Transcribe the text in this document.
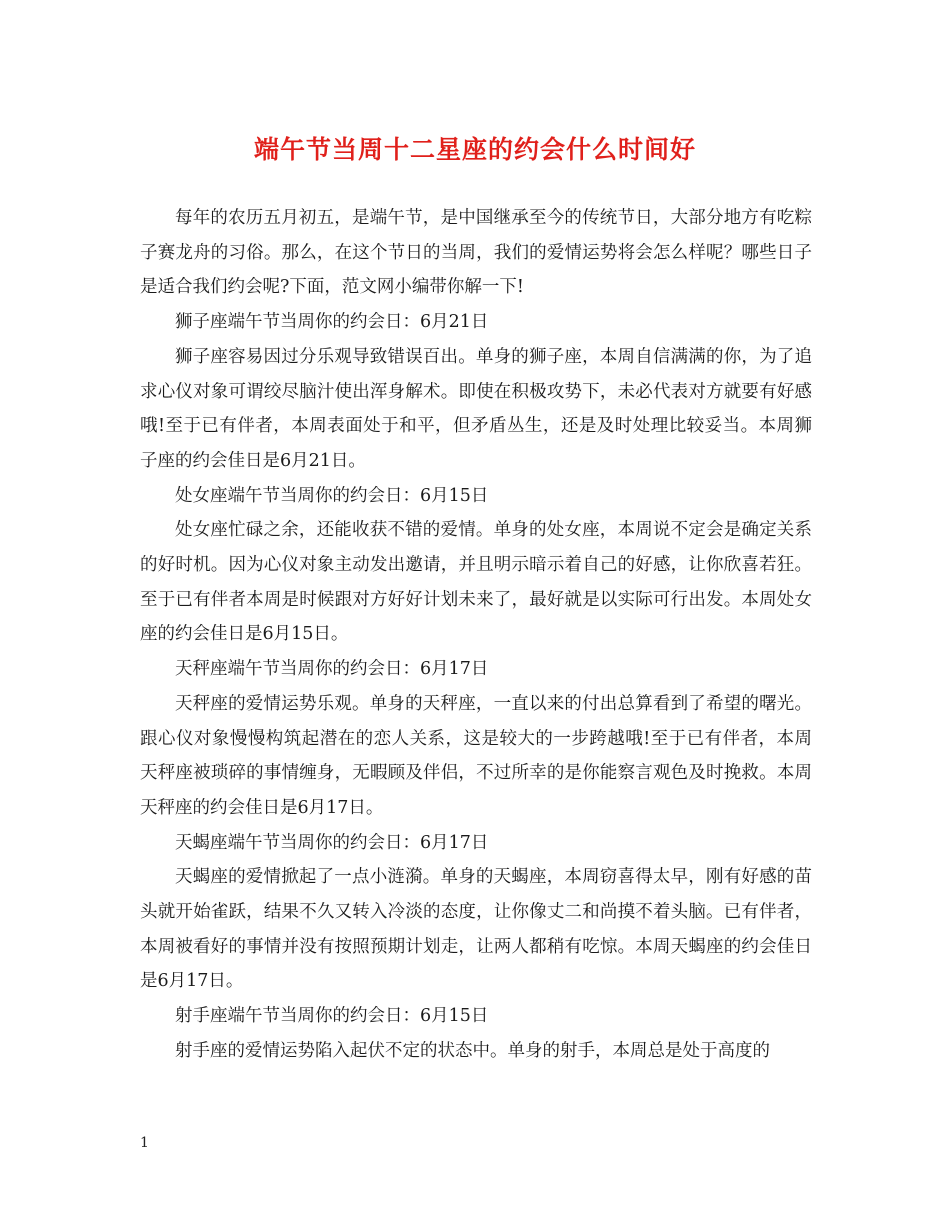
端午节当周十二星座的约会什么时间好

每年的农历五月初五，是端午节，是中国继承至今的传统节日，大部分地方有吃粽子赛龙舟的习俗。那么，在这个节日的当周，我们的爱情运势将会怎么样呢？哪些日子是适合我们约会呢?下面，范文网小编带你解一下!

狮子座端午节当周你的约会日：6月21日

狮子座容易因过分乐观导致错误百出。单身的狮子座，本周自信满满的你，为了追求心仪对象可谓绞尽脑汁使出浑身解术。即使在积极攻势下，未必代表对方就要有好感哦!至于已有伴者，本周表面处于和平，但矛盾丛生，还是及时处理比较妥当。本周狮子座的约会佳日是6月21日。

处女座端午节当周你的约会日：6月15日

处女座忙碌之余，还能收获不错的爱情。单身的处女座，本周说不定会是确定关系的好时机。因为心仪对象主动发出邀请，并且明示暗示着自己的好感，让你欣喜若狂。至于已有伴者本周是时候跟对方好好计划未来了，最好就是以实际可行出发。本周处女座的约会佳日是6月15日。

天秤座端午节当周你的约会日：6月17日

天秤座的爱情运势乐观。单身的天秤座，一直以来的付出总算看到了希望的曙光。跟心仪对象慢慢构筑起潜在的恋人关系，这是较大的一步跨越哦!至于已有伴者，本周天秤座被琐碎的事情缠身，无暇顾及伴侣，不过所幸的是你能察言观色及时挽救。本周天秤座的约会佳日是6月17日。

天蝎座端午节当周你的约会日：6月17日

天蝎座的爱情掀起了一点小涟漪。单身的天蝎座，本周窃喜得太早，刚有好感的苗头就开始雀跃，结果不久又转入冷淡的态度，让你像丈二和尚摸不着头脑。已有伴者，本周被看好的事情并没有按照预期计划走，让两人都稍有吃惊。本周天蝎座的约会佳日是6月17日。

射手座端午节当周你的约会日：6月15日

射手座的爱情运势陷入起伏不定的状态中。单身的射手，本周总是处于高度的

1
